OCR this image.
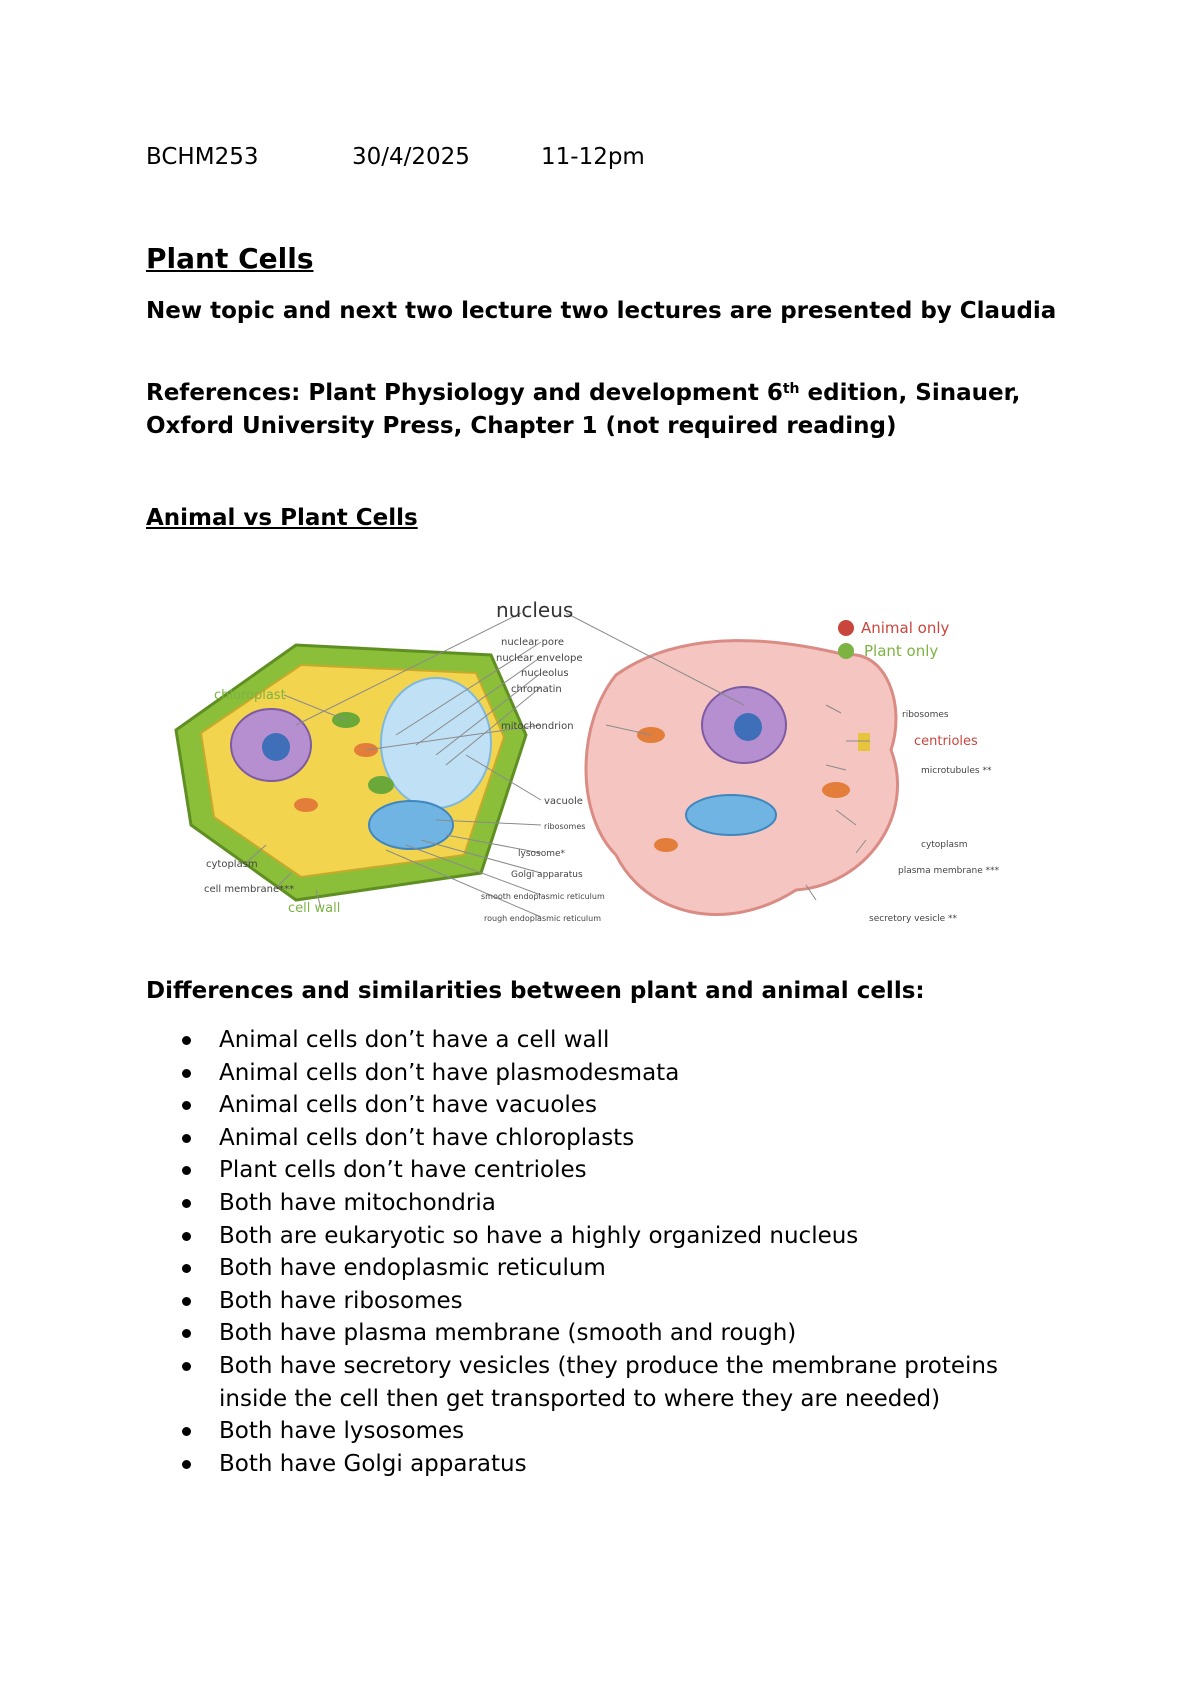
BCHM253	30/4/2025	11-12pm
Plant Cells

New topic and next two lecture two lectures are presented by Claudia

References: Plant Physiology and development 6th edition, Sinauer, Oxford University Press, Chapter 1 (not required reading)

Animal vs Plant Cells
nucleus
nuclear pore
nuclear envelope
nucleolus
chromatin
mitochondrion
chloroplast
vacuole
ribosomes
lysosome*
Golgi apparatus
smooth endoplasmic reticulum
rough endoplasmic reticulum
cytoplasm
cell membrane***
cell wall
Animal only
Plant only
ribosomes
centrioles
microtubules **
cytoplasm
plasma membrane ***
secretory vesicle **
Differences and similarities between plant and animal cells:
Animal cells don’t have a cell wall
Animal cells don’t have plasmodesmata
Animal cells don’t have vacuoles
Animal cells don’t have chloroplasts
Plant cells don’t have centrioles
Both have mitochondria
Both are eukaryotic so have a highly organized nucleus
Both have endoplasmic reticulum
Both have ribosomes
Both have plasma membrane (smooth and rough)
Both have secretory vesicles (they produce the membrane proteins inside the cell then get transported to where they are needed)
Both have lysosomes
Both have Golgi apparatus
